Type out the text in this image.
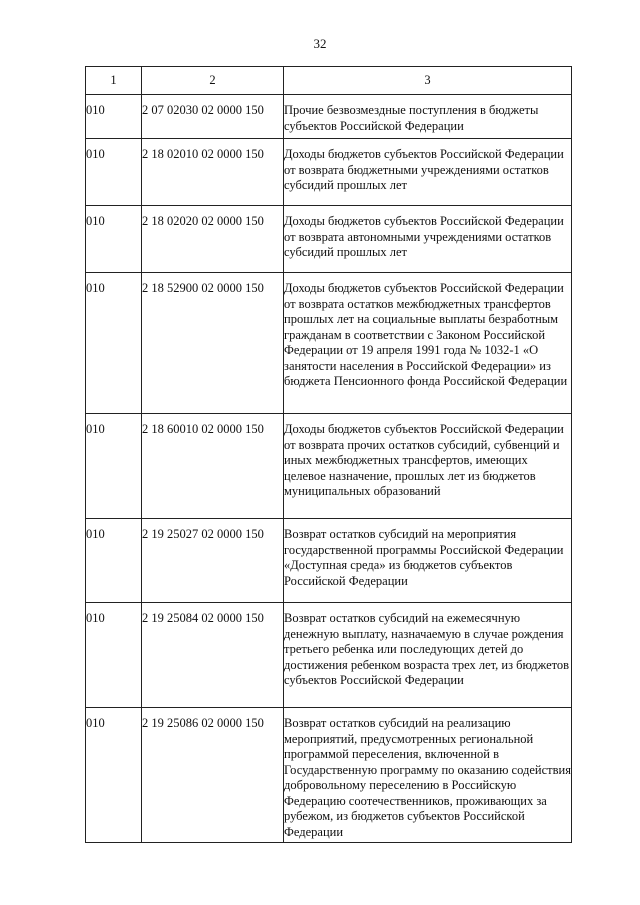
32
1	2	3
010	2 07 02030 02 0000 150	Прочие безвозмездные поступления в бюджеты субъектов Российской Федерации
010	2 18 02010 02 0000 150	Доходы бюджетов субъектов Российской Федерации от возврата бюджетными учреждениями остатков субсидий прошлых лет
010	2 18 02020 02 0000 150	Доходы бюджетов субъектов Российской Федерации от возврата автономными учреждениями остатков субсидий прошлых лет
010	2 18 52900 02 0000 150	Доходы бюджетов субъектов Российской Федерации от возврата остатков межбюджетных трансфертов прошлых лет на социальные выплаты безработным гражданам в соответствии с Законом Российской Федерации от 19 апреля 1991 года № 1032-1 «О занятости населения в Российской Федерации» из бюджета Пенсионного фонда Российской Федерации
010	2 18 60010 02 0000 150	Доходы бюджетов субъектов Российской Федерации от возврата прочих остатков субсидий, субвенций и иных межбюджетных трансфертов, имеющих целевое назначение, прошлых лет из бюджетов муниципальных образований
010	2 19 25027 02 0000 150	Возврат остатков субсидий на мероприятия государственной программы Российской Федерации «Доступная среда» из бюджетов субъектов Российской Федерации
010	2 19 25084 02 0000 150	Возврат остатков субсидий на ежемесячную денежную выплату, назначаемую в случае рождения третьего ребенка или последующих детей до достижения ребенком возраста трех лет, из бюджетов субъектов Российской Федерации
010	2 19 25086 02 0000 150	Возврат остатков субсидий на реализацию мероприятий, предусмотренных региональной программой переселения, включенной в Государственную программу по оказанию содействия добровольному переселению в Российскую Федерацию соотечественников, проживающих за рубежом, из бюджетов субъектов Российской Федерации
